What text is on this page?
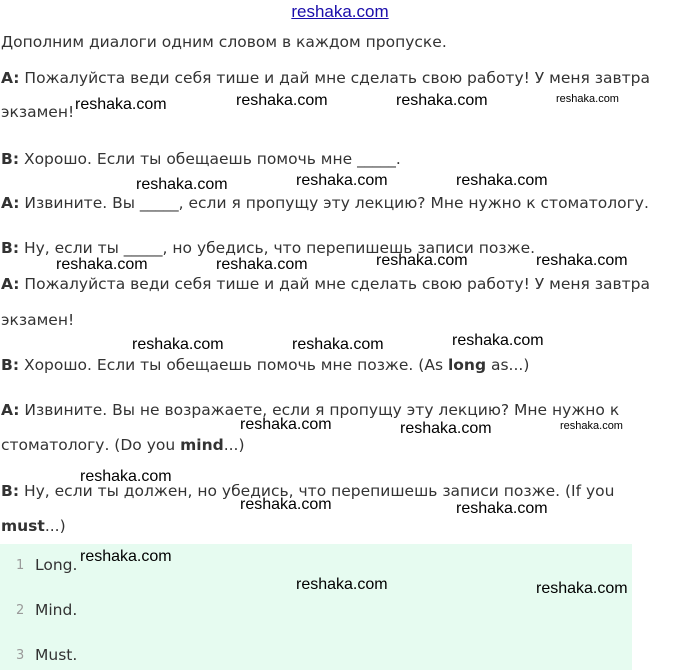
reshaka.com
Дополним диалоги одним словом в каждом пропуске.
A: Пожалуйста веди себя тише и дай мне сделать свою работу! У меня завтра
экзамен!
B: Хорошо. Если ты обещаешь помочь мне _____.
A: Извините. Вы _____, если я пропущу эту лекцию? Мне нужно к стоматологу.
B: Ну, если ты _____, но убедись, что перепишешь записи позже.
A: Пожалуйста веди себя тише и дай мне сделать свою работу! У меня завтра
экзамен!
B: Хорошо. Если ты обещаешь помочь мне позже. (As long as...)
A: Извините. Вы не возражаете, если я пропущу эту лекцию? Мне нужно к
стоматологу. (Do you mind...)
B: Ну, если ты должен, но убедись, что перепишешь записи позже. (If you
must...)
1 Long.
2 Mind.
3 Must.
reshaka.com	reshaka.com	reshaka.com	reshaka.com
reshaka.com	reshaka.com	reshaka.com
reshaka.com	reshaka.com	reshaka.com	reshaka.com
reshaka.com	reshaka.com	reshaka.com
reshaka.com	reshaka.com	reshaka.com
reshaka.com
reshaka.com	reshaka.com
reshaka.com
reshaka.com	reshaka.com
